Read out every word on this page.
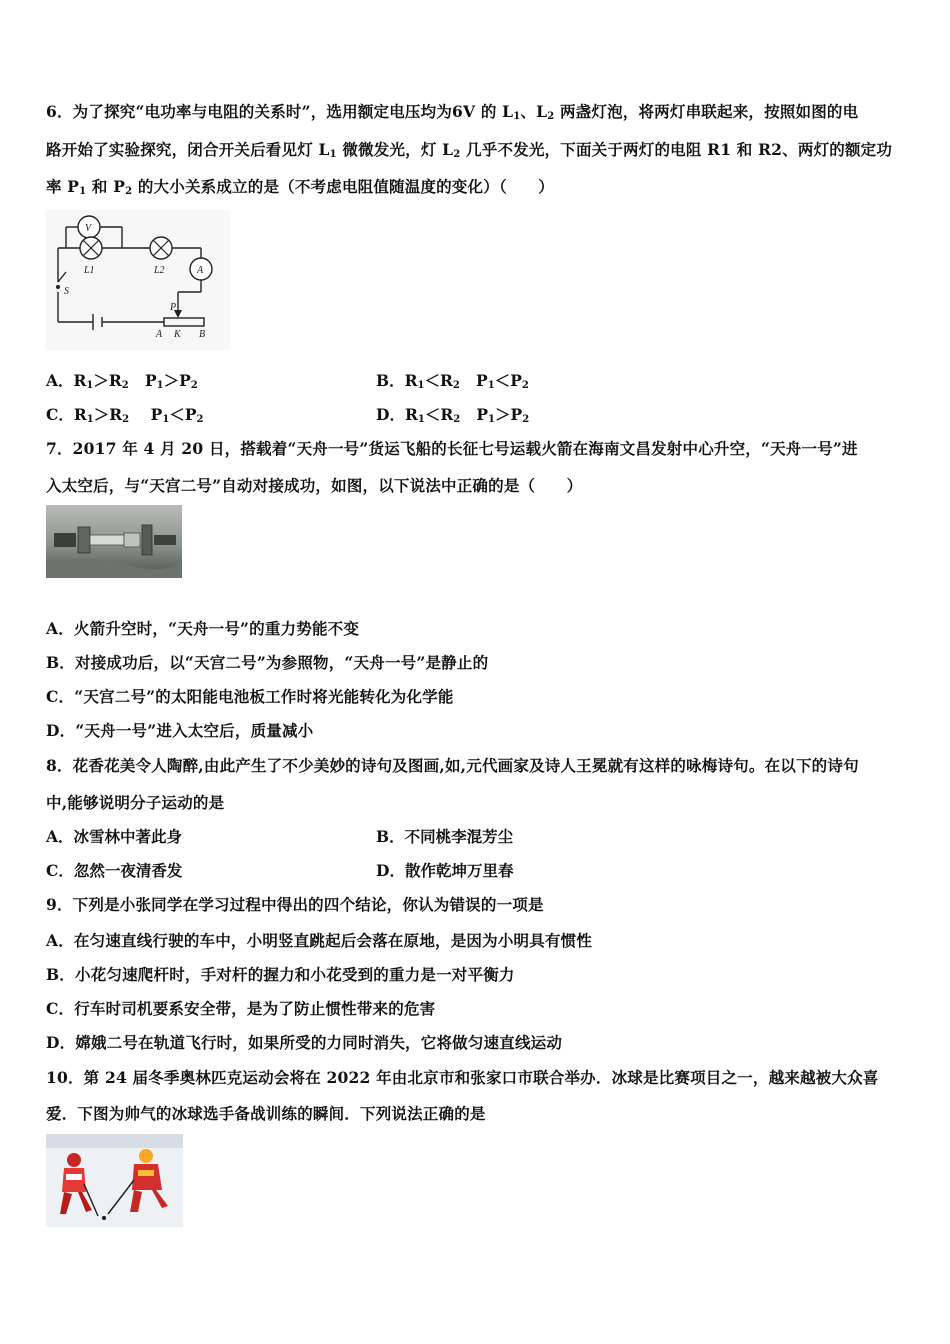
6．为了探究“电功率与电阻的关系时”，选用额定电压均为6V 的 $L_1$、$L_2$ 两盏灯泡，将两灯串联起来，按照如图的电
路开始了实验探究，闭合开关后看见灯 $L_1$ 微微发光，灯 $L_2$ 几乎不发光，下面关于两灯的电阻 R1 和 R2、两灯的额定功
率 $P_1$ 和 $P_2$ 的大小关系成立的是（不考虑电阻值随温度的变化）（　　）
V
A
L1	L2
S
P
A K B
A．$R_1>R_2$ $P_1>P_2$	B．$R_1<R_2$ $P_1<P_2$
C．$R_1>R_2$ $P_1<P_2$	D．$R_1<R_2$ $P_1>P_2$
7．2017 年 4 月 20 日，搭载着“天舟一号”货运飞船的长征七号运载火箭在海南文昌发射中心升空，“天舟一号”进
入太空后，与“天宫二号”自动对接成功，如图，以下说法中正确的是（　　）
A．火箭升空时，“天舟一号”的重力势能不变
B．对接成功后，以“天宫二号”为参照物，“天舟一号”是静止的
C．“天宫二号”的太阳能电池板工作时将光能转化为化学能
D．“天舟一号”进入太空后，质量减小
8．花香花美令人陶醉,由此产生了不少美妙的诗句及图画,如,元代画家及诗人王冕就有这样的咏梅诗句。在以下的诗句
中,能够说明分子运动的是
A．冰雪林中著此身	B．不同桃李混芳尘
C．忽然一夜清香发	D．散作乾坤万里春
9．下列是小张同学在学习过程中得出的四个结论，你认为错误的一项是
A．在匀速直线行驶的车中，小明竖直跳起后会落在原地，是因为小明具有惯性
B．小花匀速爬杆时，手对杆的握力和小花受到的重力是一对平衡力
C．行车时司机要系安全带，是为了防止惯性带来的危害
D．嫦娥二号在轨道飞行时，如果所受的力同时消失，它将做匀速直线运动
10．第 24 届冬季奥林匹克运动会将在 2022 年由北京市和张家口市联合举办．冰球是比赛项目之一，越来越被大众喜
爱．下图为帅气的冰球选手备战训练的瞬间．下列说法正确的是
